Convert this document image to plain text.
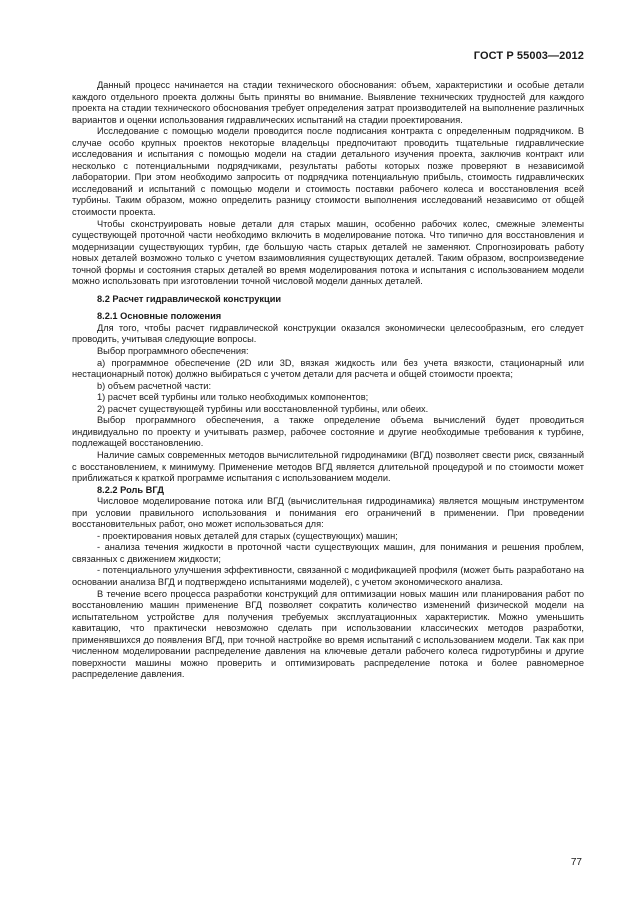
ГОСТ Р 55003—2012

Данный процесс начинается на стадии технического обоснования: объем, характеристики и особые детали каждого отдельного проекта должны быть приняты во внимание. Выявление технических трудностей для каждого проекта на стадии технического обоснования требует определения затрат производителей на выполнение различных вариантов и оценки использования гидравлических испытаний на стадии проектирования.

Исследование с помощью модели проводится после подписания контракта с определенным подрядчиком. В случае особо крупных проектов некоторые владельцы предпочитают проводить тщательные гидравлические исследования и испытания с помощью модели на стадии детального изучения проекта, заключив контракт или несколько с потенциальными подрядчиками, результаты работы которых позже проверяют в независимой лаборатории. При этом необходимо запросить от подрядчика потенциальную прибыль, стоимость гидравлических исследований и испытаний с помощью модели и стоимость поставки рабочего колеса и восстановления всей турбины. Таким образом, можно определить разницу стоимости выполнения исследований независимо от общей стоимости проекта.

Чтобы сконструировать новые детали для старых машин, особенно рабочих колес, смежные элементы существующей проточной части необходимо включить в моделирование потока. Что типично для восстановления и модернизации существующих турбин, где большую часть старых деталей не заменяют. Спрогнозировать работу новых деталей возможно только с учетом взаимовлияния существующих деталей. Таким образом, воспроизведение точной формы и состояния старых деталей во время моделирования потока и испытания с использованием модели можно использовать при изготовлении точной числовой модели данных деталей.

8.2 Расчет гидравлической конструкции

8.2.1 Основные положения

Для того, чтобы расчет гидравлической конструкции оказался экономически целесообразным, его следует проводить, учитывая следующие вопросы.

Выбор программного обеспечения:

a) программное обеспечение (2D или 3D, вязкая жидкость или без учета вязкости, стационарный или нестационарный поток) должно выбираться с учетом детали для расчета и общей стоимости проекта;

b) объем расчетной части:

1) расчет всей турбины или только необходимых компонентов;

2) расчет существующей турбины или восстановленной турбины, или обеих.

Выбор программного обеспечения, а также определение объема вычислений будет проводиться индивидуально по проекту и учитывать размер, рабочее состояние и другие необходимые требования к турбине, подлежащей восстановлению.

Наличие самых современных методов вычислительной гидродинамики (ВГД) позволяет свести риск, связанный с восстановлением, к минимуму. Применение методов ВГД является длительной процедурой и по стоимости может приближаться к краткой программе испытания с использованием модели.

8.2.2 Роль ВГД

Числовое моделирование потока или ВГД (вычислительная гидродинамика) является мощным инструментом при условии правильного использования и понимания его ограничений в применении. При проведении восстановительных работ, оно может использоваться для:

- проектирования новых деталей для старых (существующих) машин;

- анализа течения жидкости в проточной части существующих машин, для понимания и решения проблем, связанных с движением жидкости;

- потенциального улучшения эффективности, связанной с модификацией профиля (может быть разработано на основании анализа ВГД и подтверждено испытаниями моделей), с учетом экономического анализа.

В течение всего процесса разработки конструкций для оптимизации новых машин или планирования работ по восстановлению машин применение ВГД позволяет сократить количество изменений физической модели на испытательном устройстве для получения требуемых эксплуатационных характеристик. Можно уменьшить кавитацию, что практически невозможно сделать при использовании классических методов разработки, применявшихся до появления ВГД, при точной настройке во время испытаний с использованием модели. Так как при численном моделировании распределение давления на ключевые детали рабочего колеса гидротурбины и другие поверхности машины можно проверить и оптимизировать распределение потока и более равномерное распределение давления.

77
